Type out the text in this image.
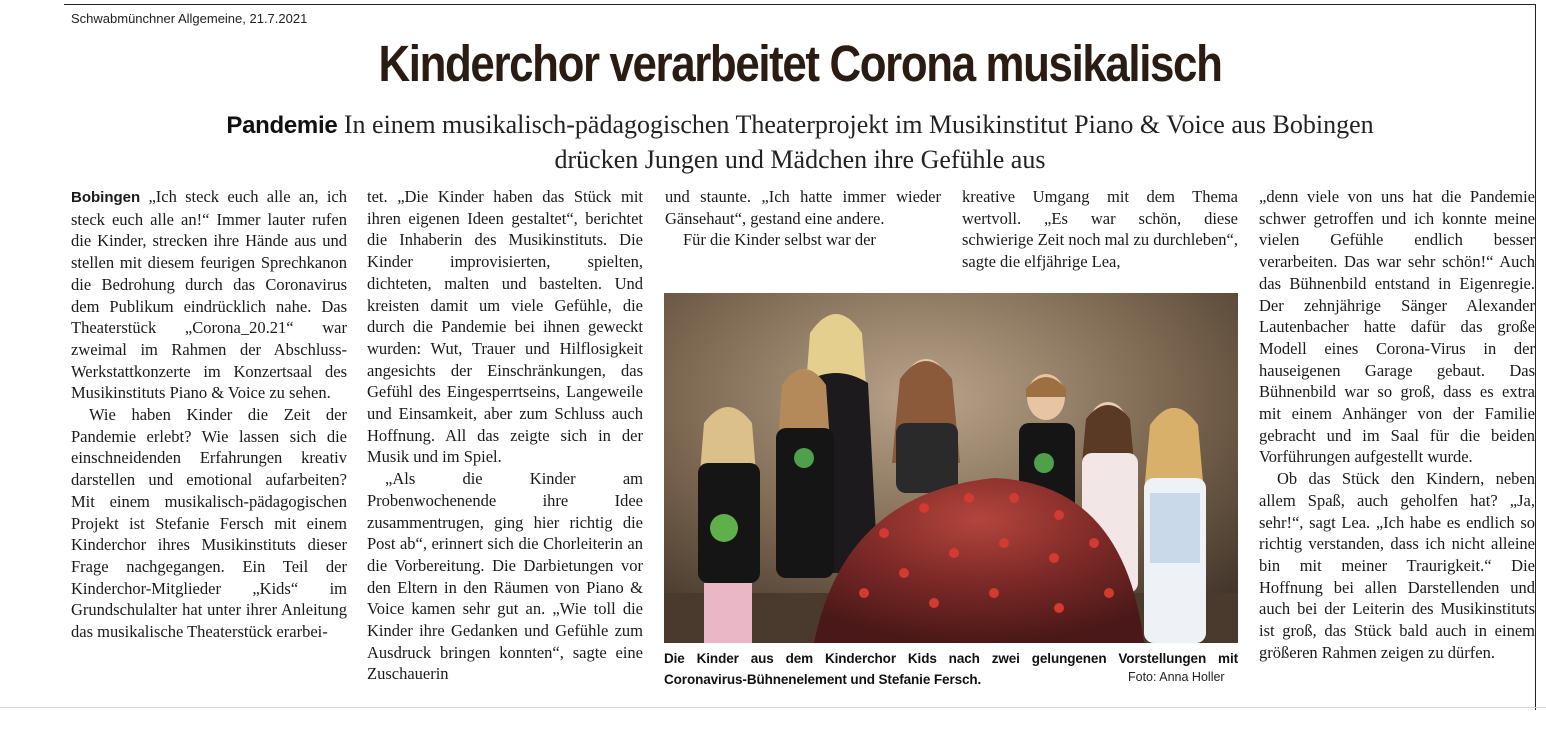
Schwabmünchner Allgemeine, 21.7.2021
Kinderchor verarbeitet Corona musikalisch
Pandemie In einem musikalisch-pädagogischen Theaterprojekt im Musikinstitut Piano & Voice aus Bobingen
drücken Jungen und Mädchen ihre Gefühle aus

Bobingen „Ich steck euch alle an, ich steck euch alle an!“ Immer lauter rufen die Kinder, strecken ihre Hände aus und stellen mit diesem feurigen Sprechkanon die Bedrohung durch das Coronavirus dem Publikum eindrücklich nahe. Das Theaterstück „Corona_20.21“ war zweimal im Rahmen der Abschluss-Werkstattkonzerte im Konzertsaal des Musikinstituts Piano & Voice zu sehen.

Wie haben Kinder die Zeit der Pandemie erlebt? Wie lassen sich die einschneidenden Erfahrungen kreativ darstellen und emotional aufarbeiten? Mit einem musikalisch-pädagogischen Projekt ist Stefanie Fersch mit einem Kinderchor ihres Musikinstituts dieser Frage nachgegangen. Ein Teil der Kinderchor-Mitglieder „Kids“ im Grundschulalter hat unter ihrer Anleitung das musikalische Theaterstück erarbei-

tet. „Die Kinder haben das Stück mit ihren eigenen Ideen gestaltet“, berichtet die Inhaberin des Musikinstituts. Die Kinder improvisierten, spielten, dichteten, malten und bastelten. Und kreisten damit um viele Gefühle, die durch die Pandemie bei ihnen geweckt wurden: Wut, Trauer und Hilflosigkeit angesichts der Einschränkungen, das Gefühl des Eingesperrtseins, Langeweile und Einsamkeit, aber zum Schluss auch Hoffnung. All das zeigte sich in der Musik und im Spiel.

„Als die Kinder am Probenwochenende ihre Idee zusammentrugen, ging hier richtig die Post ab“, erinnert sich die Chorleiterin an die Vorbereitung. Die Darbietungen vor den Eltern in den Räumen von Piano & Voice kamen sehr gut an. „Wie toll die Kinder ihre Gedanken und Gefühle zum Ausdruck bringen konnten“, sagte eine Zuschauerin

und staunte. „Ich hatte immer wieder Gänsehaut“, gestand eine andere.

Für die Kinder selbst war der

kreative Umgang mit dem Thema wertvoll. „Es war schön, diese schwierige Zeit noch mal zu durchleben“, sagte die elfjährige Lea,

„denn viele von uns hat die Pandemie schwer getroffen und ich konnte meine vielen Gefühle endlich besser verarbeiten. Das war sehr schön!“ Auch das Bühnenbild entstand in Eigenregie. Der zehnjährige Sänger Alexander Lautenbacher hatte dafür das große Modell eines Corona-Virus in der hauseigenen Garage gebaut. Das Bühnenbild war so groß, dass es extra mit einem Anhänger von der Familie gebracht und im Saal für die beiden Vorführungen aufgestellt wurde.

Ob das Stück den Kindern, neben allem Spaß, auch geholfen hat? „Ja, sehr!“, sagt Lea. „Ich habe es endlich so richtig verstanden, dass ich nicht alleine bin mit meiner Traurigkeit.“ Die Hoffnung bei allen Darstellenden und auch bei der Leiterin des Musikinstituts ist groß, das Stück bald auch in einem größeren Rahmen zeigen zu dürfen.

Die Kinder aus dem Kinderchor Kids nach zwei gelungenen Vorstellungen mit Coronavirus-Bühnenelement und Stefanie Fersch.	Foto: Anna Holler
